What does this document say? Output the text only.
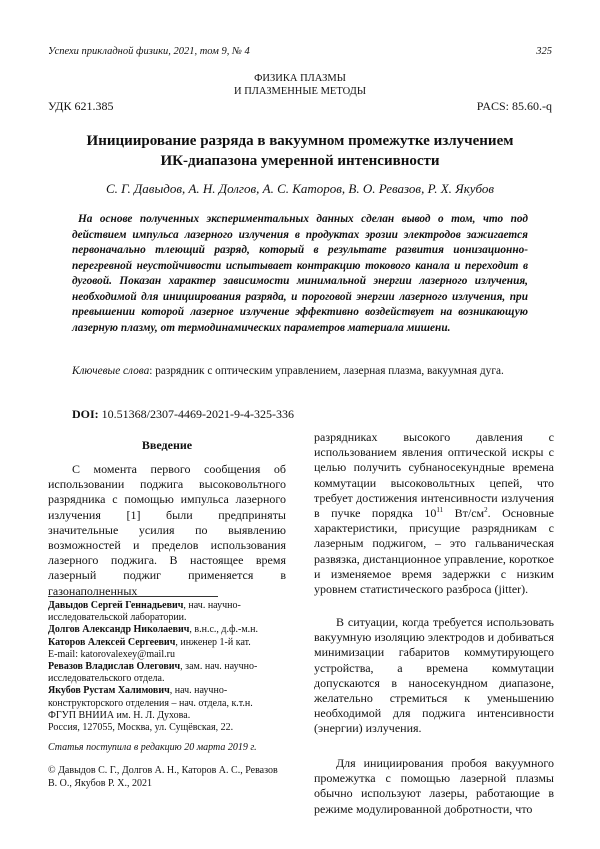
Успехи прикладной физики, 2021, том 9, № 4	325
ФИЗИКА ПЛАЗМЫ
И ПЛАЗМЕННЫЕ МЕТОДЫ
УДК 621.385	PACS: 85.60.-q
Инициирование разряда в вакуумном промежутке излучением
ИК-диапазона умеренной интенсивности
С. Г. Давыдов, А. Н. Долгов, А. С. Каторов, В. О. Ревазов, Р. Х. Якубов
На основе полученных экспериментальных данных сделан вывод о том, что под действием импульса лазерного излучения в продуктах эрозии электродов зажигается первоначально тлеющий разряд, который в результате развития ионизационно-перегревной неустойчивости испытывает контракцию токового канала и переходит в дуговой. Показан характер зависимости минимальной энергии лазерного излучения, необходимой для инициирования разряда, и пороговой энергии лазерного излучения, при превышении которой лазерное излучение эффективно воздействует на возникающую лазерную плазму, от термодинамических параметров материала мишени.
Ключевые слова: разрядник с оптическим управлением, лазерная плазма, вакуумная дуга.
DOI: 10.51368/2307-4469-2021-9-4-325-336
Введение
С момента первого сообщения об использовании поджига высоковольтного разрядника с помощью импульса лазерного излучения [1] были предприняты значительные усилия по выявлению возможностей и пределов использования лазерного поджига. В настоящее время лазерный поджиг применяется в газонаполненных
Давыдов Сергей Геннадьевич, нач. научно-исследовательской лаборатории.
Долгов Александр Николаевич, в.н.с., д.ф.-м.н.
Каторов Алексей Сергеевич, инженер 1-й кат.
E-mail: katorovalexey@mail.ru
Ревазов Владислав Олегович, зам. нач. научно-исследовательского отдела.
Якубов Рустам Халимович, нач. научно-конструкторского отделения – нач. отдела, к.т.н.
ФГУП ВНИИА им. Н. Л. Духова.
Россия, 127055, Москва, ул. Сущёвская, 22.
Статья поступила в редакцию 20 марта 2019 г.
© Давыдов С. Г., Долгов А. Н., Каторов А. С., Ревазов В. О., Якубов Р. Х., 2021
разрядниках высокого давления с использованием явления оптической искры с целью получить субнаносекундные времена коммутации высоковольтных цепей, что требует достижения интенсивности излучения в пучке порядка $10^{11}$ $Вт/см^2$. Основные характеристики, присущие разрядникам с лазерным поджигом, – это гальваническая развязка, дистанционное управление, короткое и изменяемое время задержки с низким уровнем статистического разброса (jitter).
В ситуации, когда требуется использовать вакуумную изоляцию электродов и добиваться минимизации габаритов коммутирующего устройства, а времена коммутации допускаются в наносекундном диапазоне, желательно стремиться к уменьшению необходимой для поджига интенсивности (энергии) излучения.
Для инициирования пробоя вакуумного промежутка с помощью лазерной плазмы обычно используют лазеры, работающие в режиме модулированной добротности, что
